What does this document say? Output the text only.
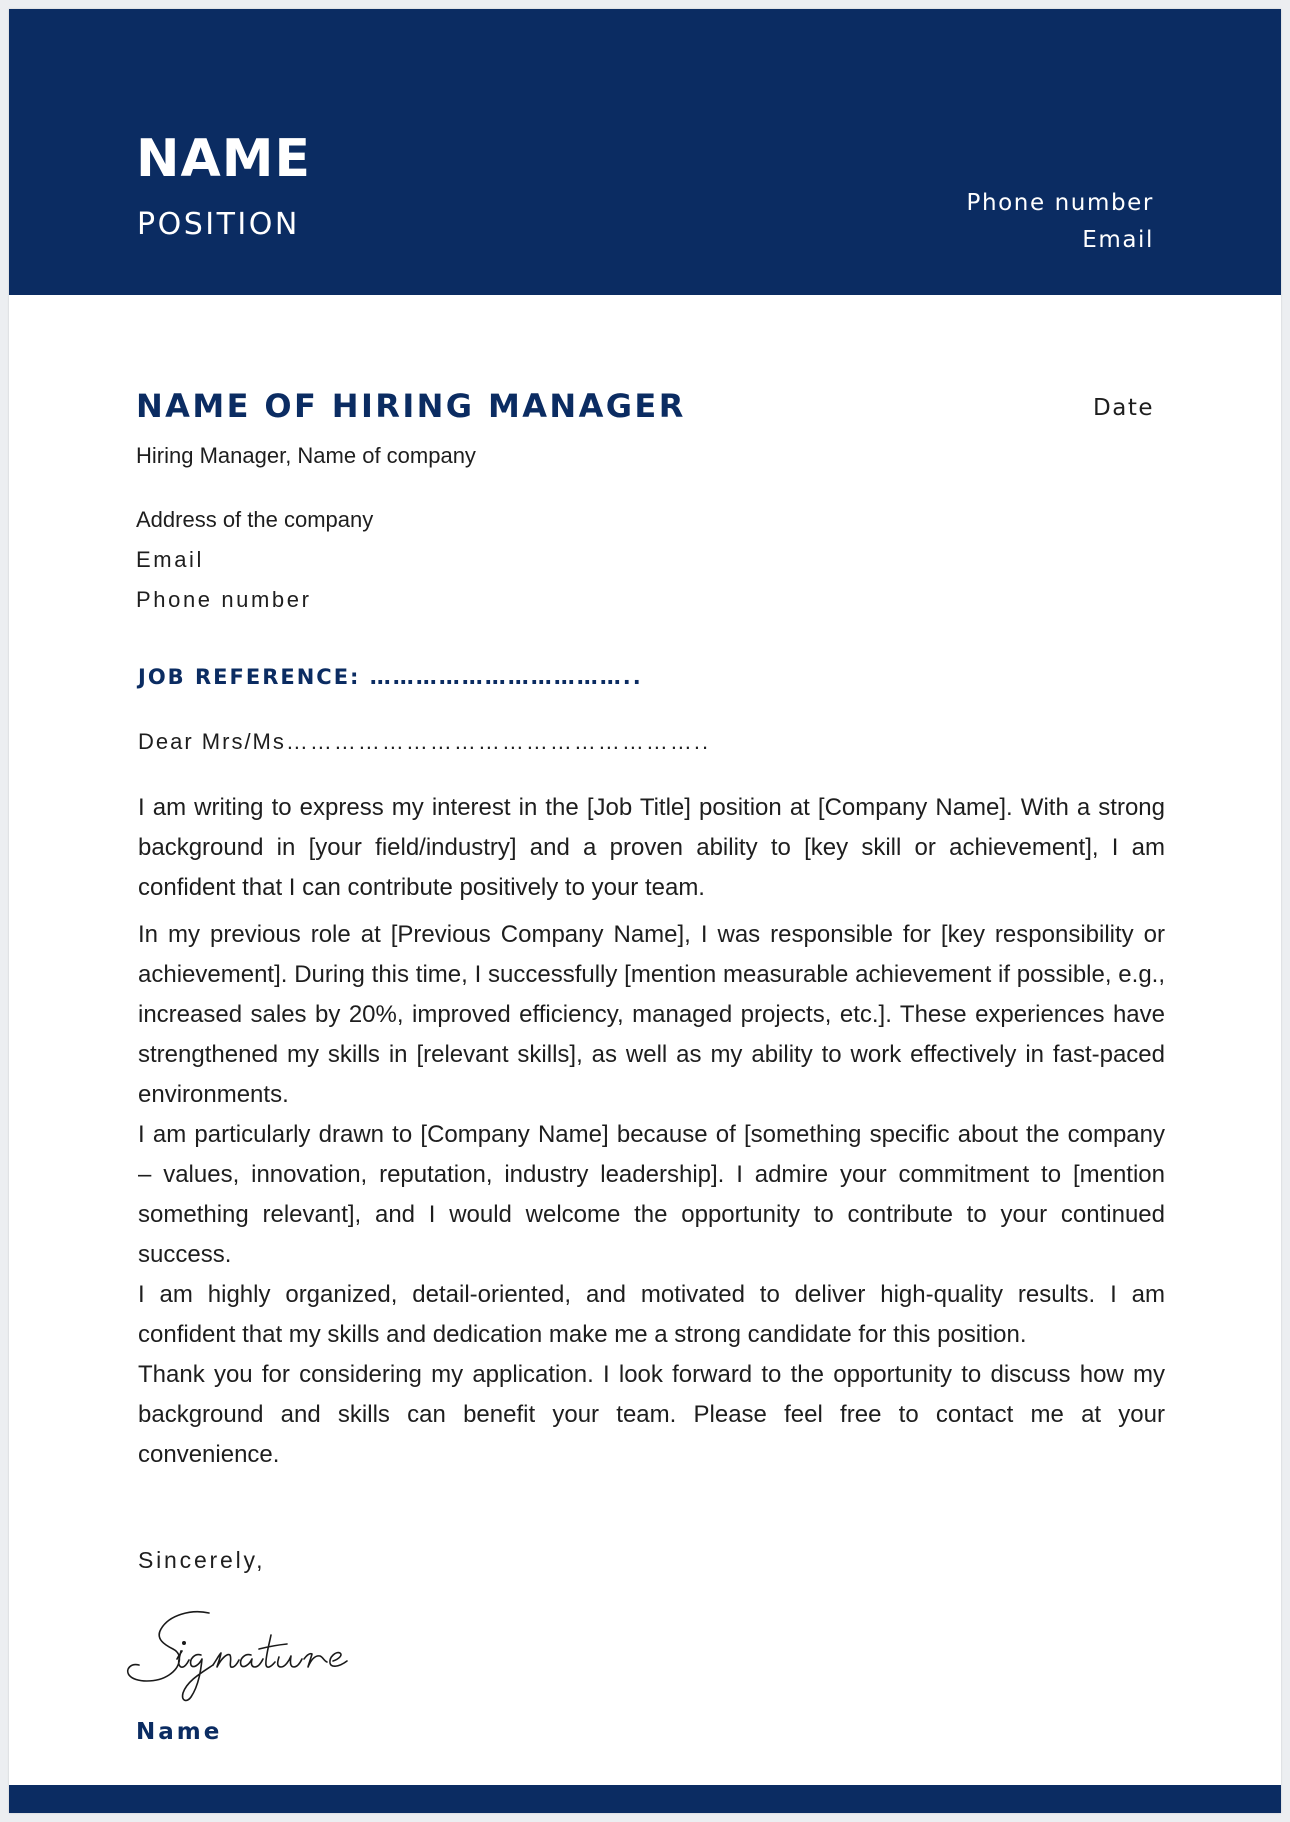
NAME
POSITION
Phone number
Email
NAME OF HIRING MANAGER	Date
Hiring Manager, Name of company
Address of the company
Email
Phone number
JOB REFERENCE: ……………………………..
Dear Mrs/Ms……………………………………………..

I am writing to express my interest in the [Job Title] position at [Company Name]. With a strong background in [your field/industry] and a proven ability to [key skill or achievement], I am confident that I can contribute positively to your team.

In my previous role at [Previous Company Name], I was responsible for [key responsibility or achievement]. During this time, I successfully [mention measurable achievement if possible, e.g., increased sales by 20%, improved efficiency, managed projects, etc.]. These experiences have strengthened my skills in [relevant skills], as well as my ability to work effectively in fast-paced environments.

I am particularly drawn to [Company Name] because of [something specific about the company – values, innovation, reputation, industry leadership]. I admire your commitment to [mention something relevant], and I would welcome the opportunity to contribute to your continued success.

I am highly organized, detail-oriented, and motivated to deliver high-quality results. I am confident that my skills and dedication make me a strong candidate for this position.

Thank you for considering my application. I look forward to the opportunity to discuss how my background and skills can benefit your team. Please feel free to contact me at your convenience.

Sincerely,
Name
